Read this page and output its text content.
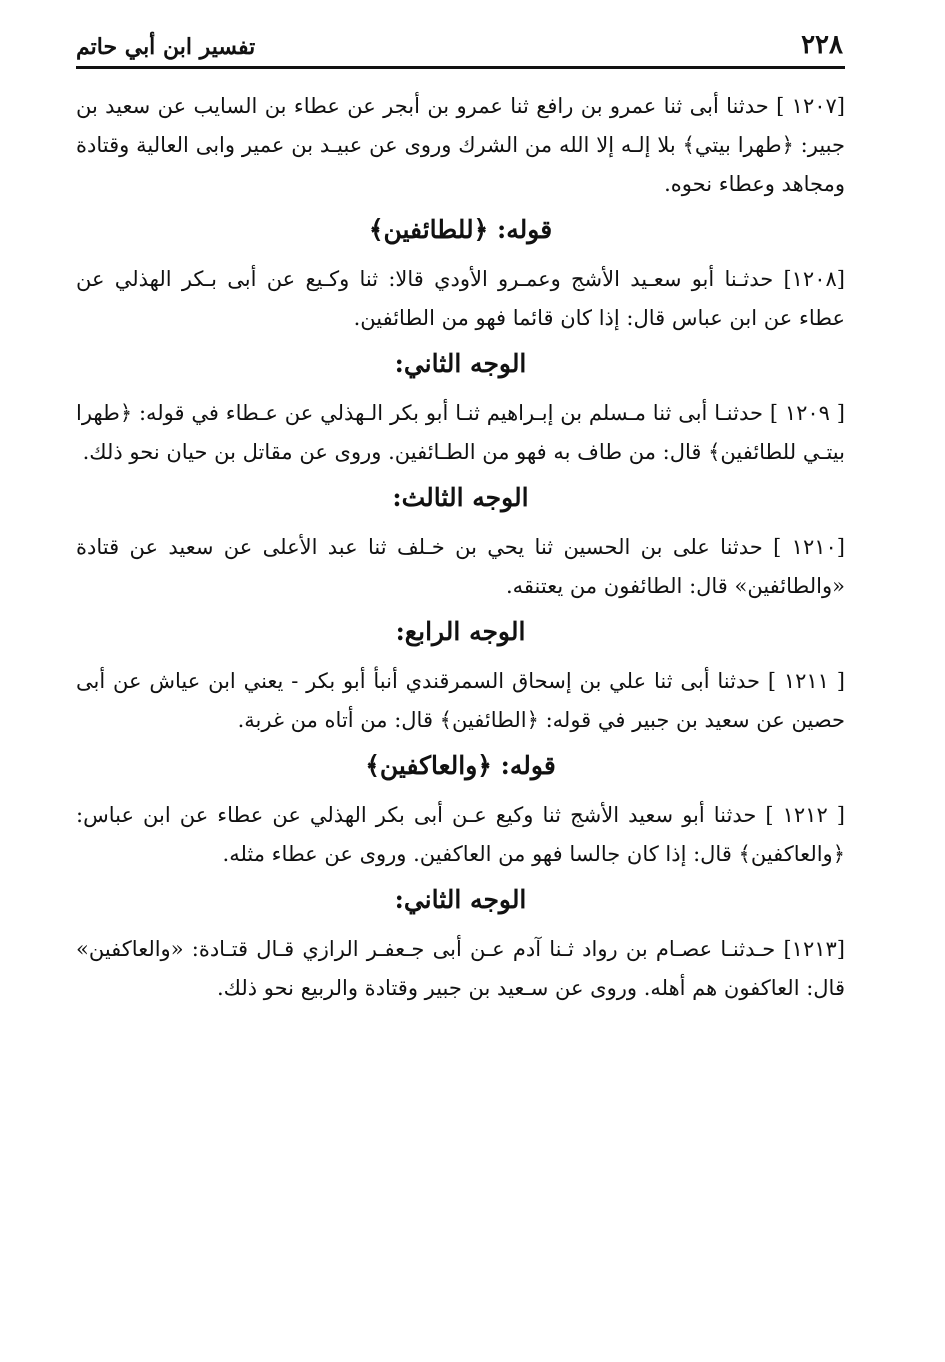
٢٢٨
تفسير ابن أبي حاتم

[١٢٠٧ ] حدثنا أبى ثنا عمرو بن رافع ثنا عمرو بن أبجر عن عطاء بن السايب عن سعيد بن جبير: ﴿طهرا بيتي﴾ بلا إلـه إلا الله من الشرك وروى عن عبيـد بن عمير وابى العالية وقتادة ومجاهد وعطاء نحوه.

قوله: ﴿للطائفين﴾

[١٢٠٨] حدثـنا أبو سعـيد الأشج وعمـرو الأودي قالا: ثنا وكـيع عن أبى بـكر الهذلي عن عطاء عن ابن عباس قال: إذا كان قائما فهو من الطائفين.

الوجه الثاني:

[ ١٢٠٩ ] حدثنـا أبى ثنا مـسلم بن إبـراهيم ثنـا أبو بكر الـهذلي عن عـطاء في قوله: ﴿طهرا بيتـي للطائفين﴾ قال: من طاف به فهو من الطـائفين. وروى عن مقاتل بن حيان نحو ذلك.

الوجه الثالث:

[١٢١٠ ] حدثنا على بن الحسين ثنا يحي بن خـلف ثنا عبد الأعلى عن سعيد عن قتادة «والطائفين» قال: الطائفون من يعتنقه.

الوجه الرابع:

[ ١٢١١ ] حدثنا أبى ثنا علي بن إسحاق السمرقندي أنبأ أبو بكر - يعني ابن عياش عن أبى حصين عن سعيد بن جبير في قوله: ﴿الطائفين﴾ قال: من أتاه من غربة.

قوله: ﴿والعاكفين﴾

[ ١٢١٢ ] حدثنا أبو سعيد الأشج ثنا وكيع عـن أبى بكر الهذلي عن عطاء عن ابن عباس: ﴿والعاكفين﴾ قال: إذا كان جالسا فهو من العاكفين. وروى عن عطاء مثله.

الوجه الثاني:

[١٢١٣] حـدثنـا عصـام بن رواد ثـنا آدم عـن أبى جـعفـر الرازي قـال قتـادة: «والعاكفين» قال: العاكفون هم أهله. وروى عن سـعيد بن جبير وقتادة والربيع نحو ذلك.
